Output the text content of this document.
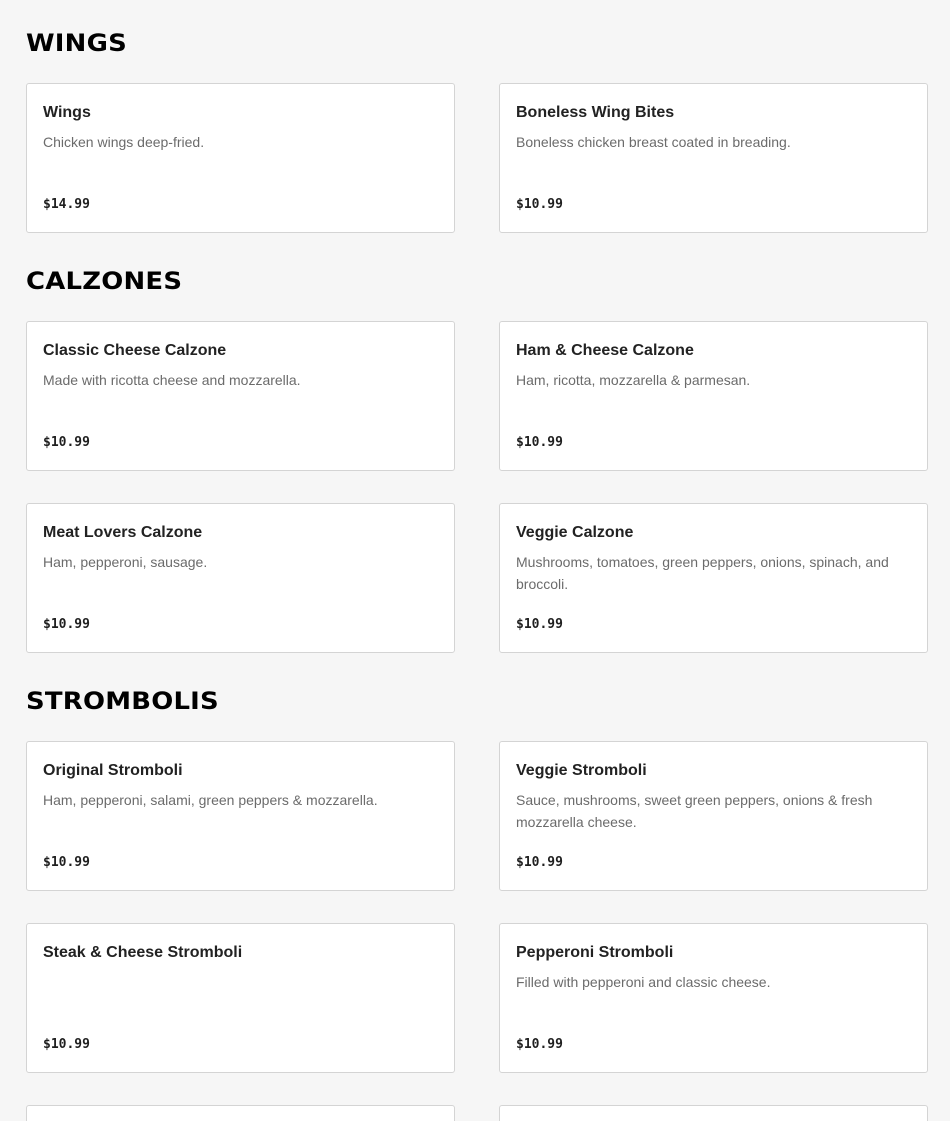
WINGS
Wings
Chicken wings deep-fried.
$14.99
Boneless Wing Bites
Boneless chicken breast coated in breading.
$10.99
CALZONES
Classic Cheese Calzone
Made with ricotta cheese and mozzarella.
$10.99
Ham & Cheese Calzone
Ham, ricotta, mozzarella & parmesan.
$10.99
Meat Lovers Calzone
Ham, pepperoni, sausage.
$10.99
Veggie Calzone
Mushrooms, tomatoes, green peppers, onions, spinach, and broccoli.
$10.99
STROMBOLIS
Original Stromboli
Ham, pepperoni, salami, green peppers & mozzarella.
$10.99
Veggie Stromboli
Sauce, mushrooms, sweet green peppers, onions & fresh mozzarella cheese.
$10.99
Steak & Cheese Stromboli
$10.99
Pepperoni Stromboli
Filled with pepperoni and classic cheese.
$10.99
